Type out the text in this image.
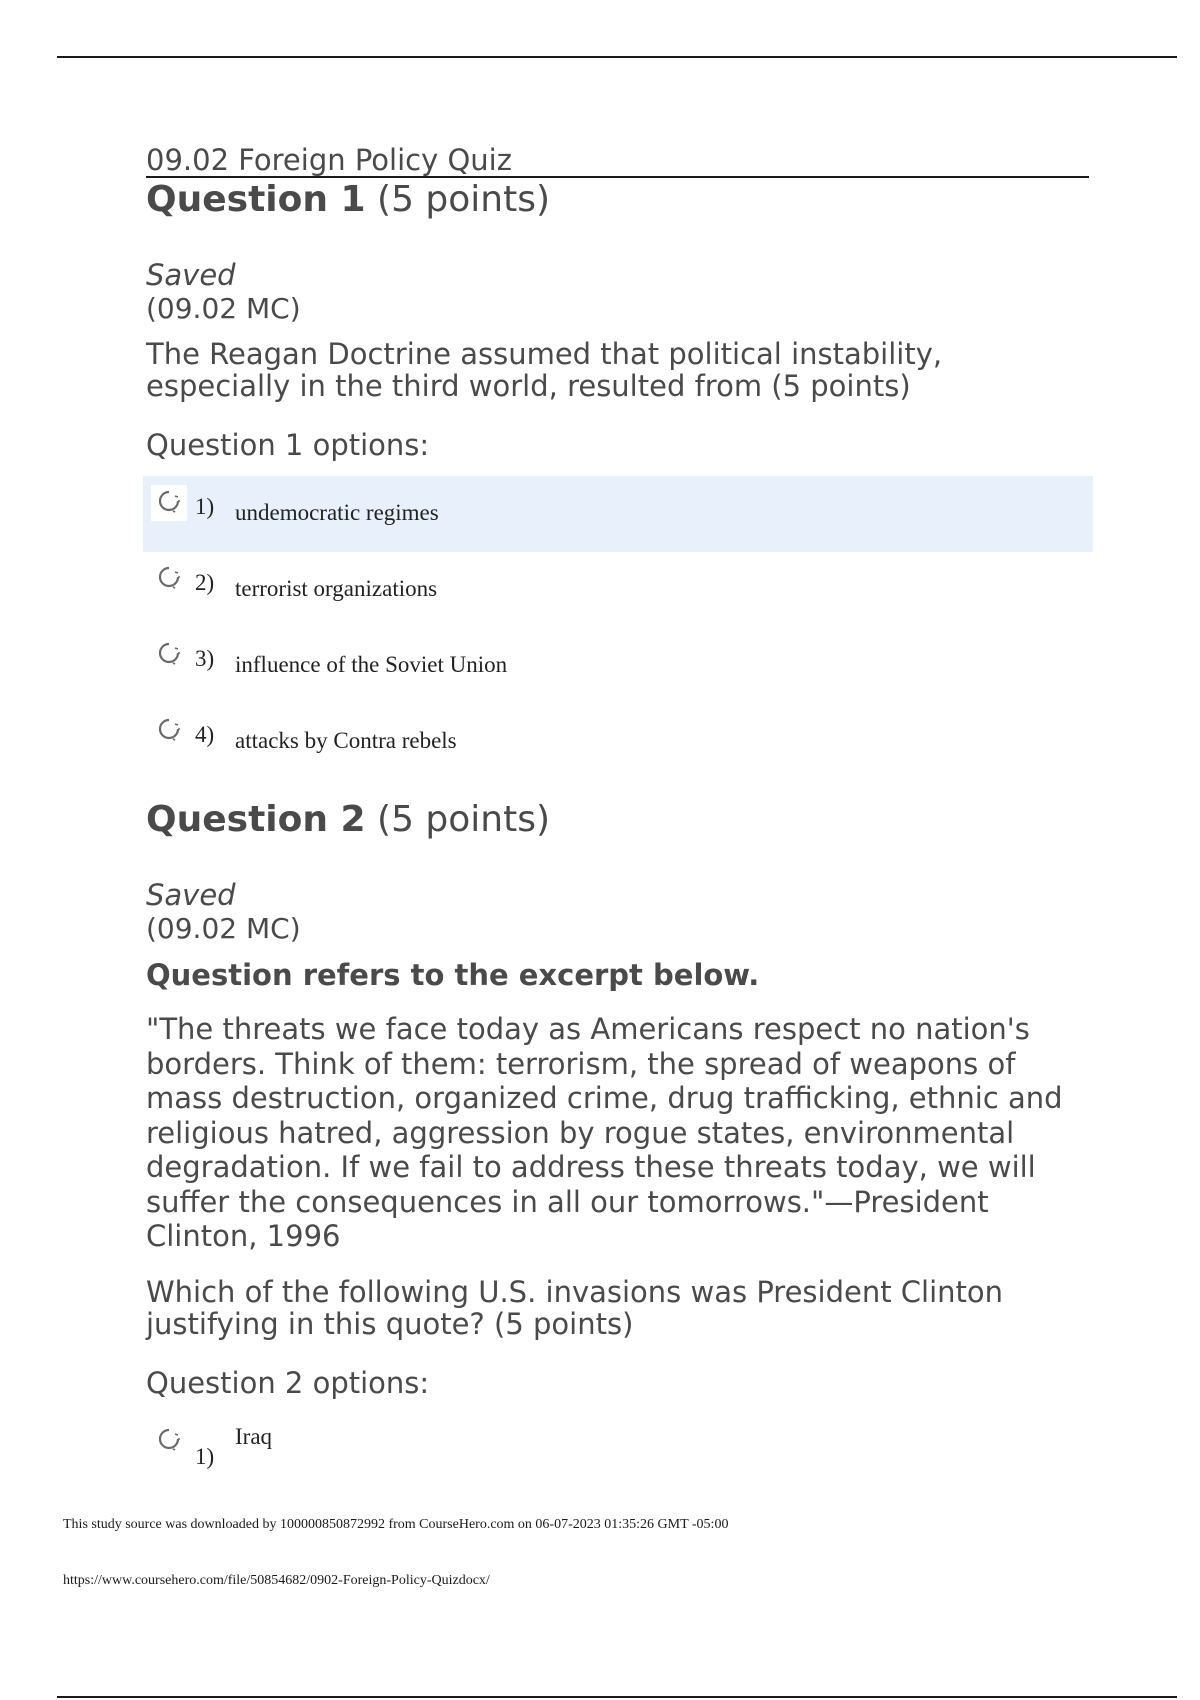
09.02 Foreign Policy Quiz
Question 1 (5 points)
Saved
(09.02 MC)
The Reagan Doctrine assumed that political instability, especially in the third world, resulted from (5 points)
Question 1 options:
1) undemocratic regimes
2) terrorist organizations
3) influence of the Soviet Union
4) attacks by Contra rebels
Question 2 (5 points)
Saved
(09.02 MC)
Question refers to the excerpt below.
"The threats we face today as Americans respect no nation's borders. Think of them: terrorism, the spread of weapons of mass destruction, organized crime, drug trafficking, ethnic and religious hatred, aggression by rogue states, environmental degradation. If we fail to address these threats today, we will suffer the consequences in all our tomorrows."—President Clinton, 1996
Which of the following U.S. invasions was President Clinton justifying in this quote? (5 points)
Question 2 options:
1)
Iraq
This study source was downloaded by 100000850872992 from CourseHero.com on 06-07-2023 01:35:26 GMT -05:00
https://www.coursehero.com/file/50854682/0902-Foreign-Policy-Quizdocx/
